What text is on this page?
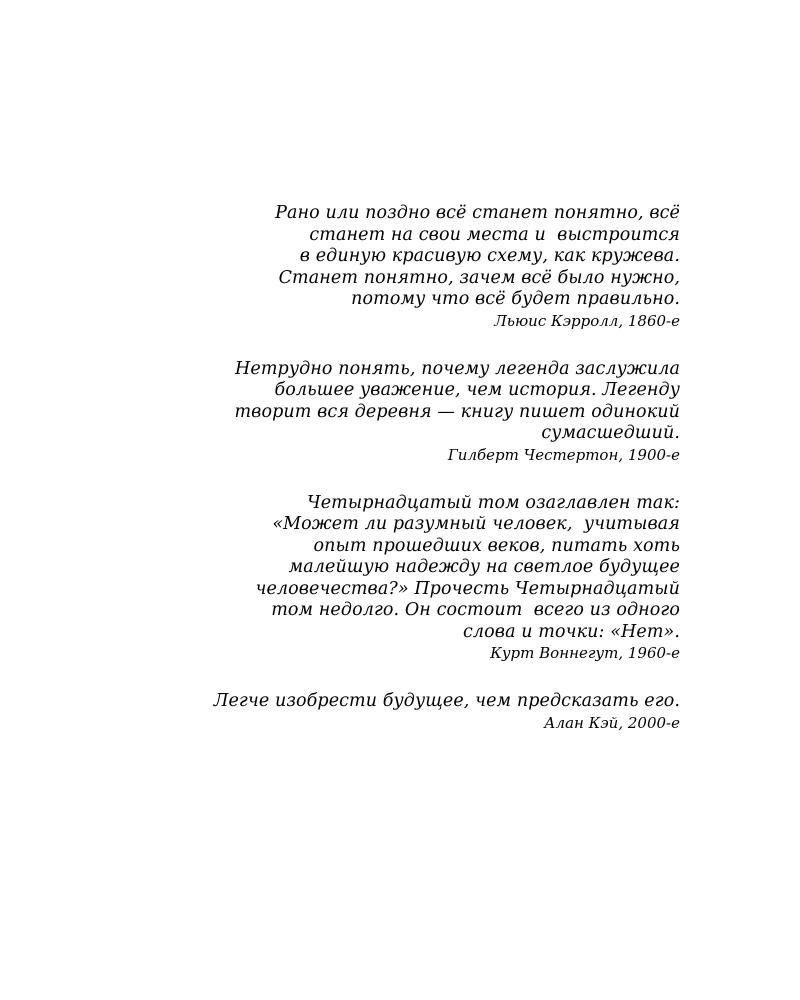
Рано или поздно всё станет понятно, всё
станет на свои места и  выстроится
в единую красивую схему, как кружева.
Станет понятно, зачем всё было нужно,
потому что всё будет правильно.
Льюис Кэрролл, 1860-е
Нетрудно понять, почему легенда заслужила
большее уважение, чем история. Легенду
творит вся деревня — книгу пишет одинокий
сумасшедший.
Гилберт Честертон, 1900-е
Четырнадцатый том озаглавлен так:
«Может ли разумный человек,  учитывая
опыт прошедших веков, питать хоть
малейшую надежду на светлое будущее
человечества?» Прочесть Четырнадцатый
том недолго. Он состоит  всего из одного
слова и точки: «Нет».
Курт Воннегут, 1960-е
Легче изобрести будущее, чем предсказать его.
Алан Кэй, 2000-е
